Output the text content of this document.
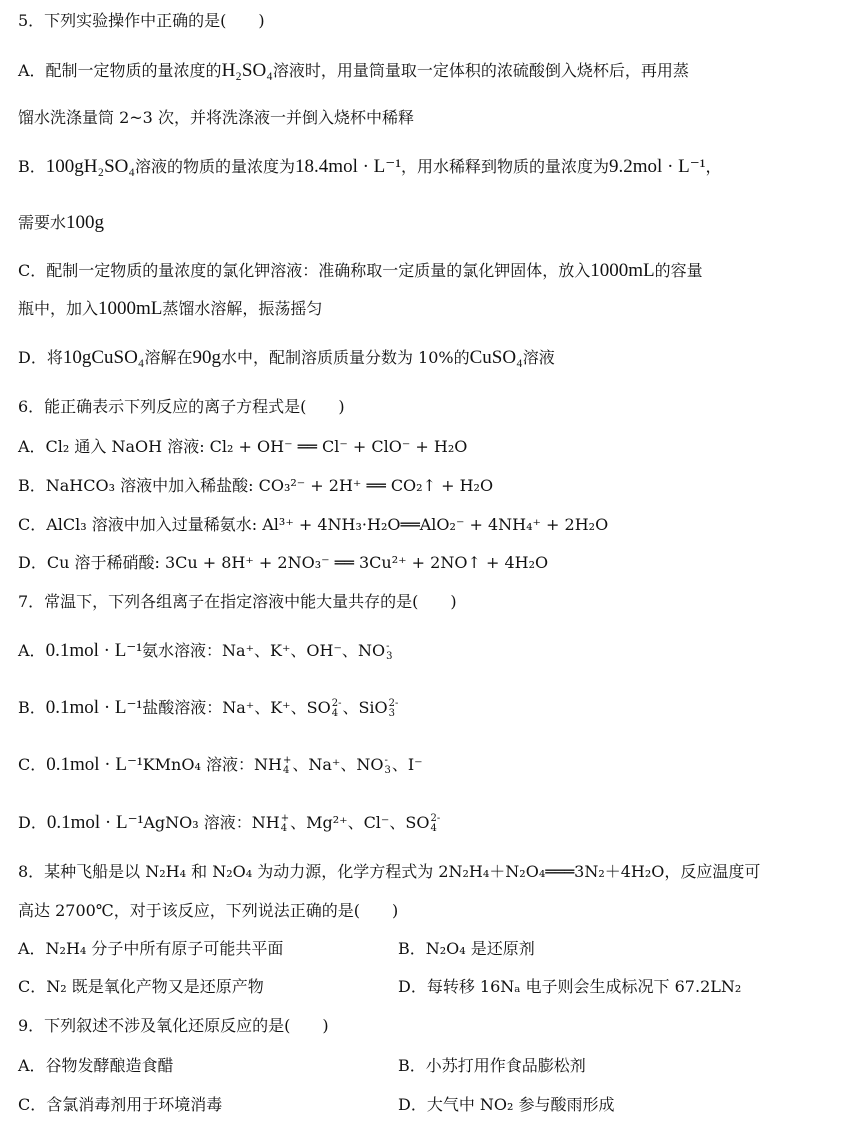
5．下列实验操作中正确的是(　　)
A．配制一定物质的量浓度的H₂SO₄溶液时，用量筒量取一定体积的浓硫酸倒入烧杯后，再用蒸
馏水洗涤量筒 2~3 次，并将洗涤液一并倒入烧杯中稀释
B．100gH₂SO₄溶液的物质的量浓度为18.4mol · L⁻¹，用水稀释到物质的量浓度为9.2mol · L⁻¹，
需要水100g
C．配制一定物质的量浓度的氯化钾溶液：准确称取一定质量的氯化钾固体，放入1000mL的容量
瓶中，加入1000mL蒸馏水溶解，振荡摇匀
D．将10gCuSO₄溶解在90g水中，配制溶质质量分数为 10%的CuSO₄溶液
6．能正确表示下列反应的离子方程式是(　　)
A．Cl₂ 通入 NaOH 溶液: Cl₂ + OH⁻ ══ Cl⁻ + ClO⁻ + H₂O
B．NaHCO₃ 溶液中加入稀盐酸: CO₃²⁻ + 2H⁺ ══ CO₂↑ + H₂O
C．AlCl₃ 溶液中加入过量稀氨水: Al³⁺ + 4NH₃·H₂O══AlO₂⁻ + 4NH₄⁺ + 2H₂O
D．Cu 溶于稀硝酸: 3Cu + 8H⁺ + 2NO₃⁻ ══ 3Cu²⁺ + 2NO↑ + 4H₂O
7．常温下，下列各组离子在指定溶液中能大量共存的是(　　)
A．0.1mol · L⁻¹氨水溶液：Na⁺、K⁺、OH⁻、NO -
3
B．0.1mol · L⁻¹盐酸溶液：Na⁺、K⁺、SO 2-
4 、SiO 2-
3
C．0.1mol · L⁻¹KMnO₄ 溶液：NH +
4 、Na⁺、NO -
3 、I⁻
D．0.1mol · L⁻¹AgNO₃ 溶液：NH +
4 、Mg²⁺、Cl⁻、SO 2-
4
8．某种飞船是以 N₂H₄ 和 N₂O₄ 为动力源，化学方程式为 2N₂H₄＋N₂O₄═══3N₂＋4H₂O，反应温度可
高达 2700℃，对于该反应，下列说法正确的是(　　)
A．N₂H₄ 分子中所有原子可能共平面	B．N₂O₄ 是还原剂
C．N₂ 既是氧化产物又是还原产物	D．每转移 16Nₐ 电子则会生成标况下 67.2LN₂
9．下列叙述不涉及氧化还原反应的是(　　)
A．谷物发酵酿造食醋	B．小苏打用作食品膨松剂
C．含氯消毒剂用于环境消毒	D．大气中 NO₂ 参与酸雨形成
